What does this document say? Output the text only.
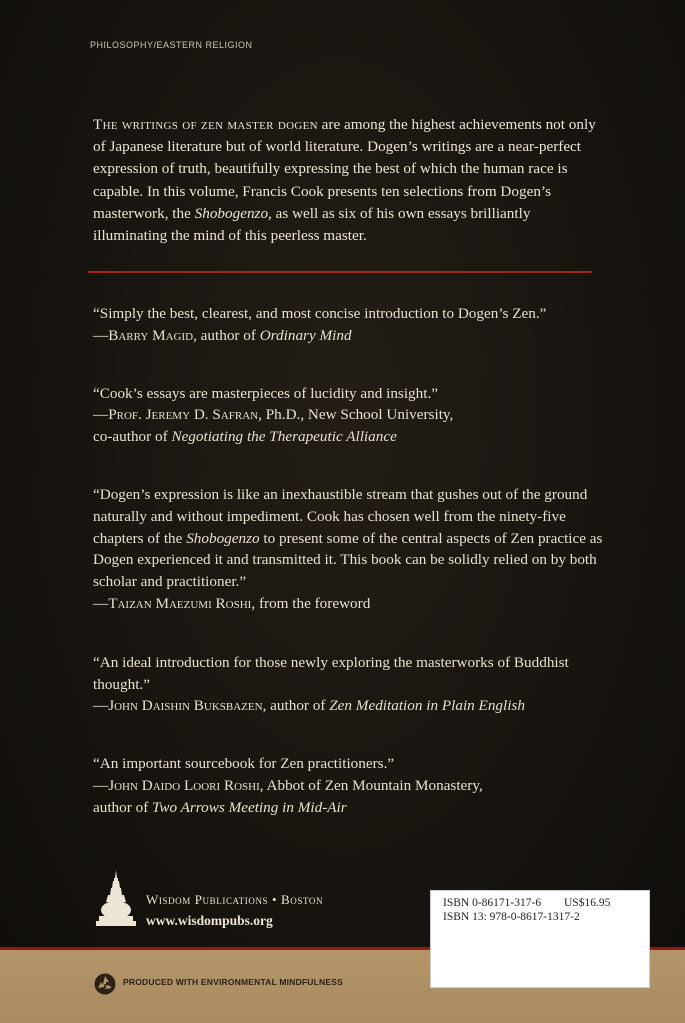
PHILOSOPHY/EASTERN RELIGION
The writings of zen master dogen are among the highest achievements not only of Japanese literature but of world literature. Dogen’s writings are a near-perfect expression of truth, beautifully expressing the best of which the human race is capable. In this volume, Francis Cook presents ten selections from Dogen’s masterwork, the Shobogenzo, as well as six of his own essays brilliantly illuminating the mind of this peerless master.

“Simply the best, clearest, and most concise introduction to Dogen’s Zen.”

—Barry Magid, author of Ordinary Mind

“Cook’s essays are masterpieces of lucidity and insight.”

—Prof. Jeremy D. Safran, Ph.D., New School University,

co-author of Negotiating the Therapeutic Alliance

“Dogen’s expression is like an inexhaustible stream that gushes out of the ground naturally and without impediment. Cook has chosen well from the ninety-five chapters of the Shobogenzo to present some of the central aspects of Zen practice as Dogen experienced it and transmitted it. This book can be solidly relied on by both scholar and practitioner.”

—Taizan Maezumi Roshi, from the foreword

“An ideal introduction for those newly exploring the masterworks of Buddhist thought.”

—John Daishin Buksbazen, author of Zen Meditation in Plain English

“An important sourcebook for Zen practitioners.”

—John Daido Loori Roshi, Abbot of Zen Mountain Monastery,

author of Two Arrows Meeting in Mid-Air

Wisdom Publications • Boston
www.wisdompubs.org
PRODUCED WITH ENVIRONMENTAL MINDFULNESS
ISBN 0-86171-317-6 US$16.95
ISBN 13: 978-0-8617-1317-2
